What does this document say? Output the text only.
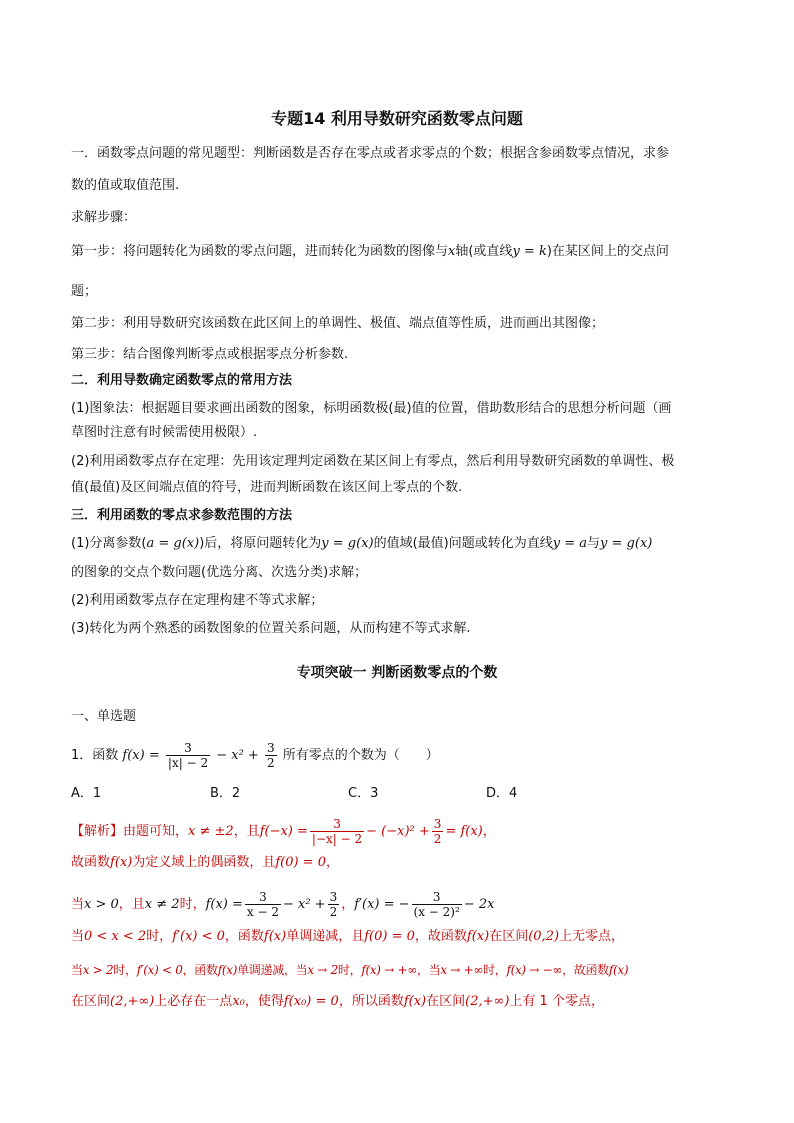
专题14 利用导数研究函数零点问题
一．函数零点问题的常见题型：判断函数是否存在零点或者求零点的个数；根据含参函数零点情况，求参
数的值或取值范围.
求解步骤：
第一步：将问题转化为函数的零点问题，进而转化为函数的图像与x轴(或直线y = k)在某区间上的交点问
题；
第二步：利用导数研究该函数在此区间上的单调性、极值、端点值等性质，进而画出其图像；
第三步：结合图像判断零点或根据零点分析参数.
二．利用导数确定函数零点的常用方法
(1)图象法：根据题目要求画出函数的图象，标明函数极(最)值的位置，借助数形结合的思想分析问题（画
草图时注意有时候需使用极限）.
(2)利用函数零点存在定理：先用该定理判定函数在某区间上有零点，然后利用导数研究函数的单调性、极
值(最值)及区间端点值的符号，进而判断函数在该区间上零点的个数.
三．利用函数的零点求参数范围的方法
(1)分离参数(a = g(x))后，将原问题转化为y = g(x)的值域(最值)问题或转化为直线y = a与y = g(x)
的图象的交点个数问题(优选分离、次选分类)求解；
(2)利用函数零点存在定理构建不等式求解；
(3)转化为两个熟悉的函数图象的位置关系问题，从而构建不等式求解.
专项突破一 判断函数零点的个数
一、单选题
1．函数 $f(x) = \frac{3}{|x| - 2} - x^2 + \frac{3}{2}$ 所有零点的个数为（　　）
A．1	B．2	C．3	D．4
【解析】由题可知，x ≠ ±2，且$f(-x) = \frac{3}{|-x| - 2} - (-x)^2 + \frac{3}{2} = f(x)$，
故函数f(x)为定义域上的偶函数，且f(0) = 0，
当x > 0，且x ≠ 2时，$f(x) = \frac{3}{x - 2} - x^2 + \frac{3}{2}$ ，f′(x) = − $\frac{3}{\text{(x − 2)²}} - 2x$
当0 < x < 2时，f′(x) < 0，函数f(x)单调递减，且f(0) = 0，故函数f(x)在区间(0,2)上无零点，
当x > 2时，f′(x) < 0，函数f(x)单调递减，当x → 2时，f(x) → +∞，当x → +∞时，f(x) → −∞，故函数f(x)
在区间(2,+∞)上必存在一点x₀，使得f(x₀) = 0，所以函数f(x)在区间(2,+∞)上有 1 个零点，
